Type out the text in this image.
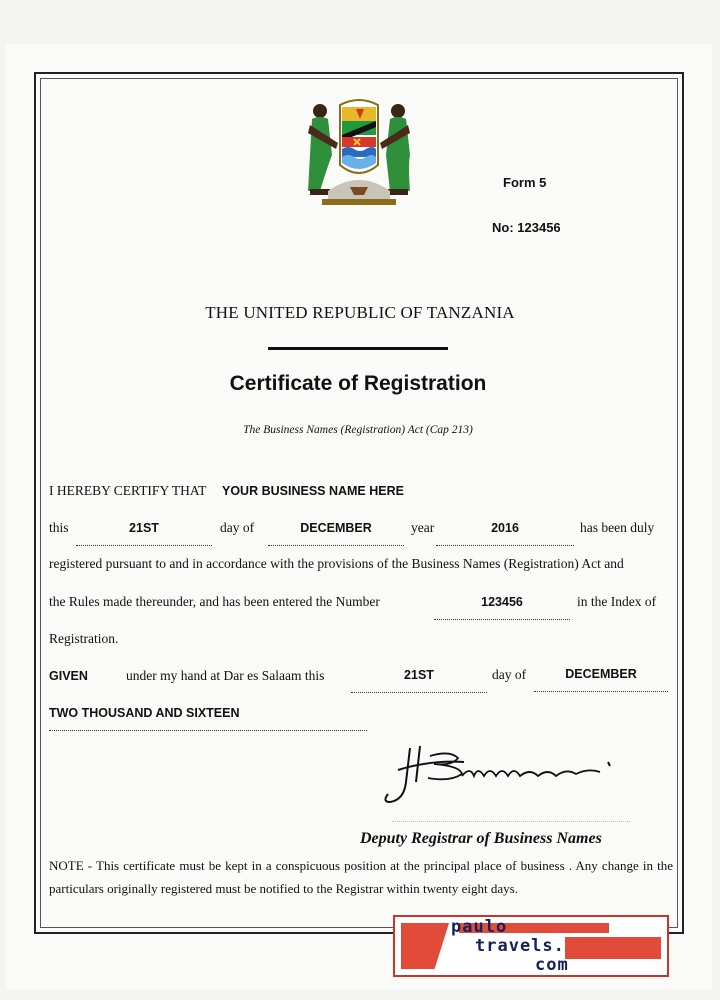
Form 5
No: 123456
THE UNITED REPUBLIC OF TANZANIA
Certificate of Registration
The Business Names (Registration) Act (Cap 213)
I HEREBY CERTIFY THAT YOUR BUSINESS NAME HERE
this	21ST	day of	DECEMBER	year	2016	has been duly
registered pursuant to and in accordance with the provisions of the Business Names (Registration) Act and
the Rules made thereunder, and has been entered the Number	123456	in the Index of
Registration.
GIVEN	under my hand at Dar es Salaam this	21ST	day of	DECEMBER
TWO THOUSAND AND SIXTEEN
Deputy Registrar of Business Names
NOTE - This certificate must be kept in a conspicuous position at the principal place of business . Any change in the particulars originally registered must be notified to the Registrar within twenty eight days.
paulo
travels.
com
